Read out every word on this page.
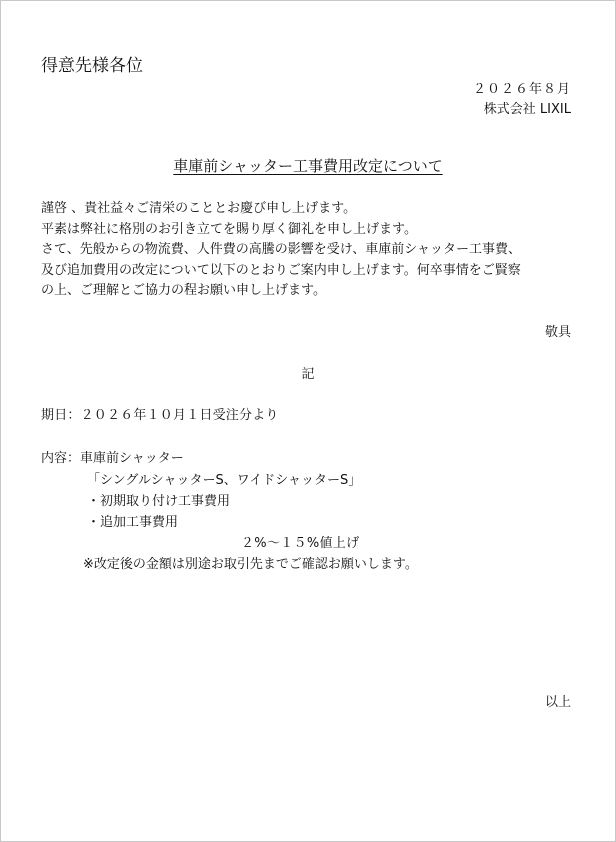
得意先様各位
２０２６年８月
株式会社 LIXIL
車庫前シャッター工事費用改定について
謹啓 、貴社益々ご清栄のこととお慶び申し上げます。
平素は弊社に格別のお引き立てを賜り厚く御礼を申し上げます。
さて、先般からの物流費、人件費の高騰の影響を受け、車庫前シャッター工事費、
及び追加費用の改定について以下のとおりご案内申し上げます。何卒事情をご賢察
の上、ご理解とご協力の程お願い申し上げます。
敬具
記
期日：２０２６年１０月１日受注分より
内容：車庫前シャッター
「シングルシャッターS、ワイドシャッターS」
・初期取り付け工事費用
・追加工事費用
２%～１５%値上げ
※改定後の金額は別途お取引先までご確認お願いします。
以上
